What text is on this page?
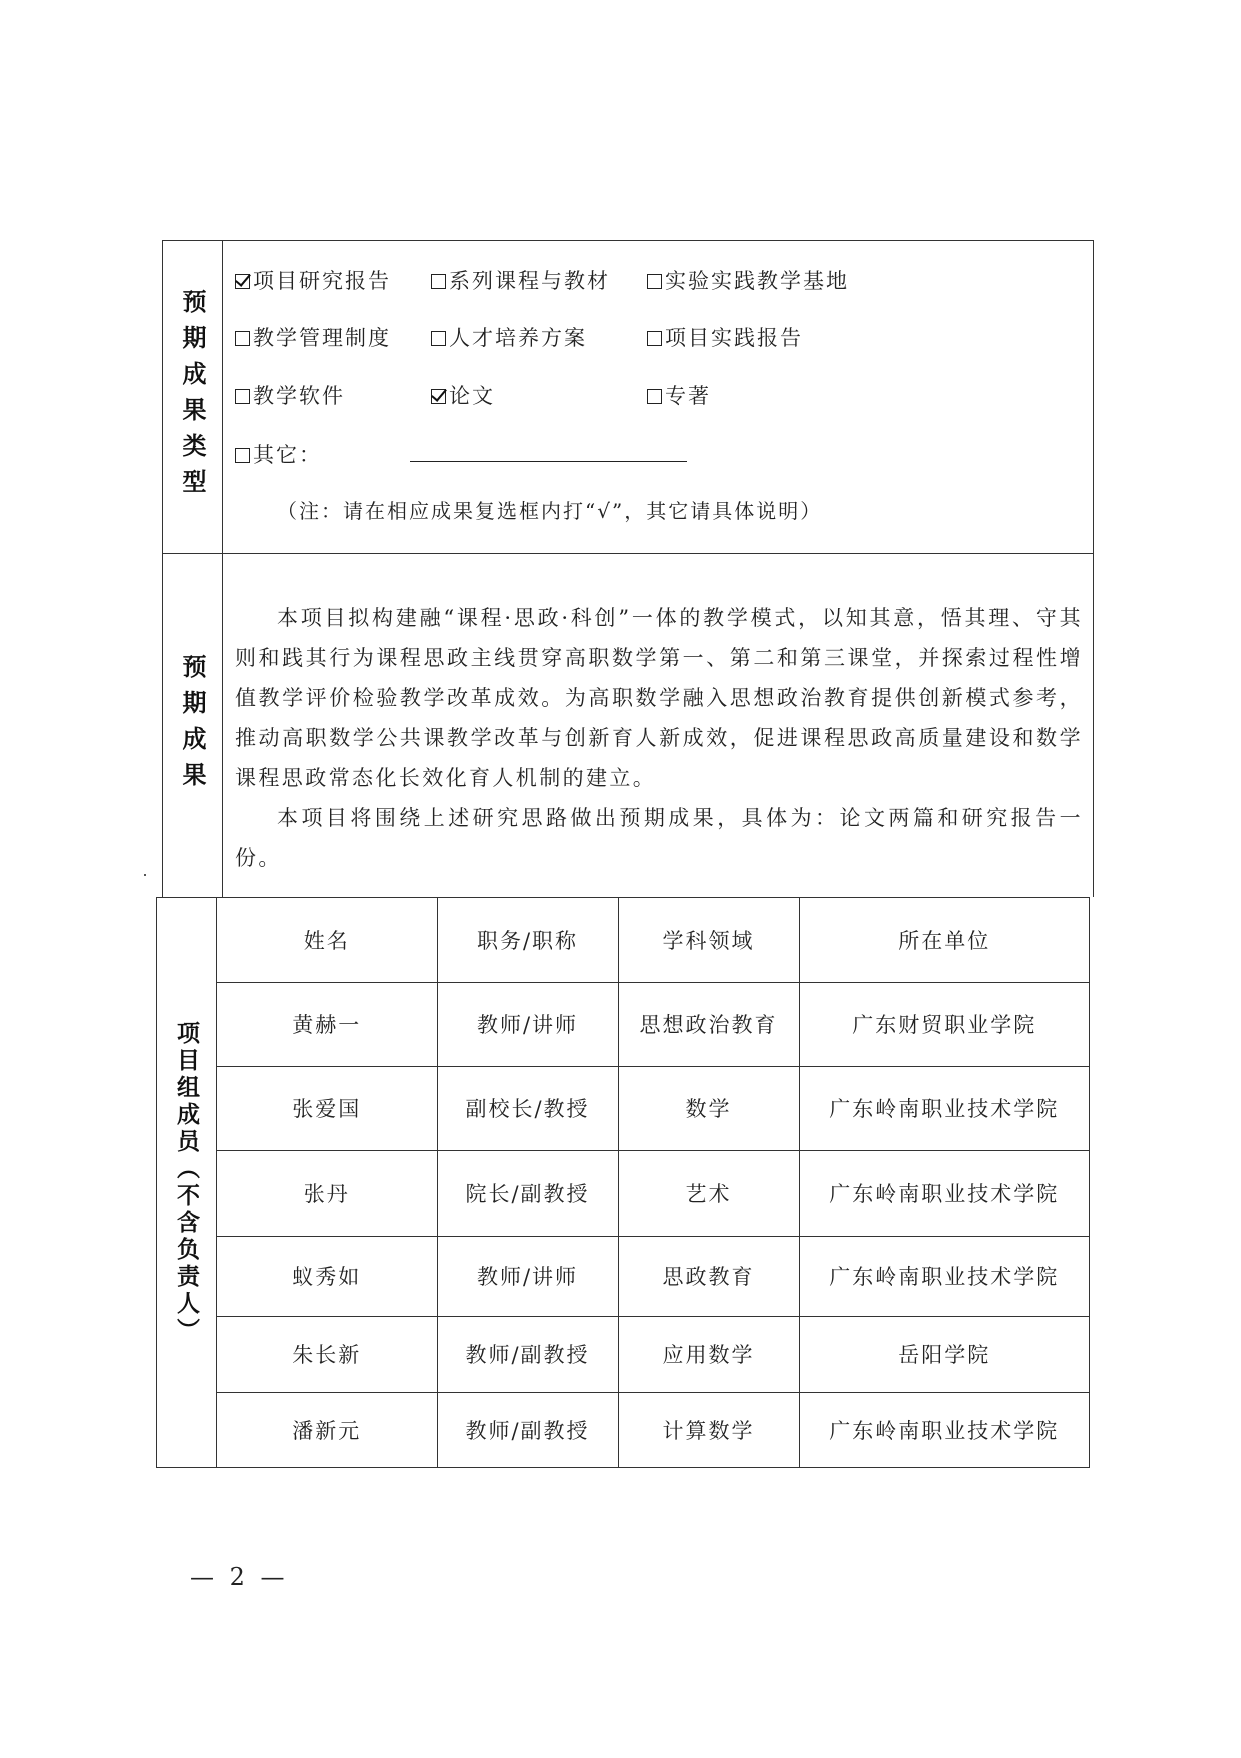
预期成果类型
项目研究报告	系列课程与教材	实验实践教学基地
教学管理制度	人才培养方案	项目实践报告
教学软件	论文	专著
其它：
（注：请在相应成果复选框内打“√”，其它请具体说明）
预期成果

本项目拟构建融“课程·思政·科创”一体的教学模式，以知其意，悟其理、守其则和践其行为课程思政主线贯穿高职数学第一、第二和第三课堂，并探索过程性增值教学评价检验教学改革成效。为高职数学融入思想政治教育提供创新模式参考，推动高职数学公共课教学改革与创新育人新成效，促进课程思政高质量建设和数学课程思政常态化长效化育人机制的建立。

本项目将围绕上述研究思路做出预期成果，具体为：论文两篇和研究报告一份。

项目组成员（不含负责人）
姓名	职务/职称	学科领域	所在单位
黄赫一	教师/讲师	思想政治教育	广东财贸职业学院
张爱国	副校长/教授	数学	广东岭南职业技术学院
张丹	院长/副教授	艺术	广东岭南职业技术学院
蚁秀如	教师/讲师	思政教育	广东岭南职业技术学院
朱长新	教师/副教授	应用数学	岳阳学院
潘新元	教师/副教授	计算数学	广东岭南职业技术学院
— 2 —
